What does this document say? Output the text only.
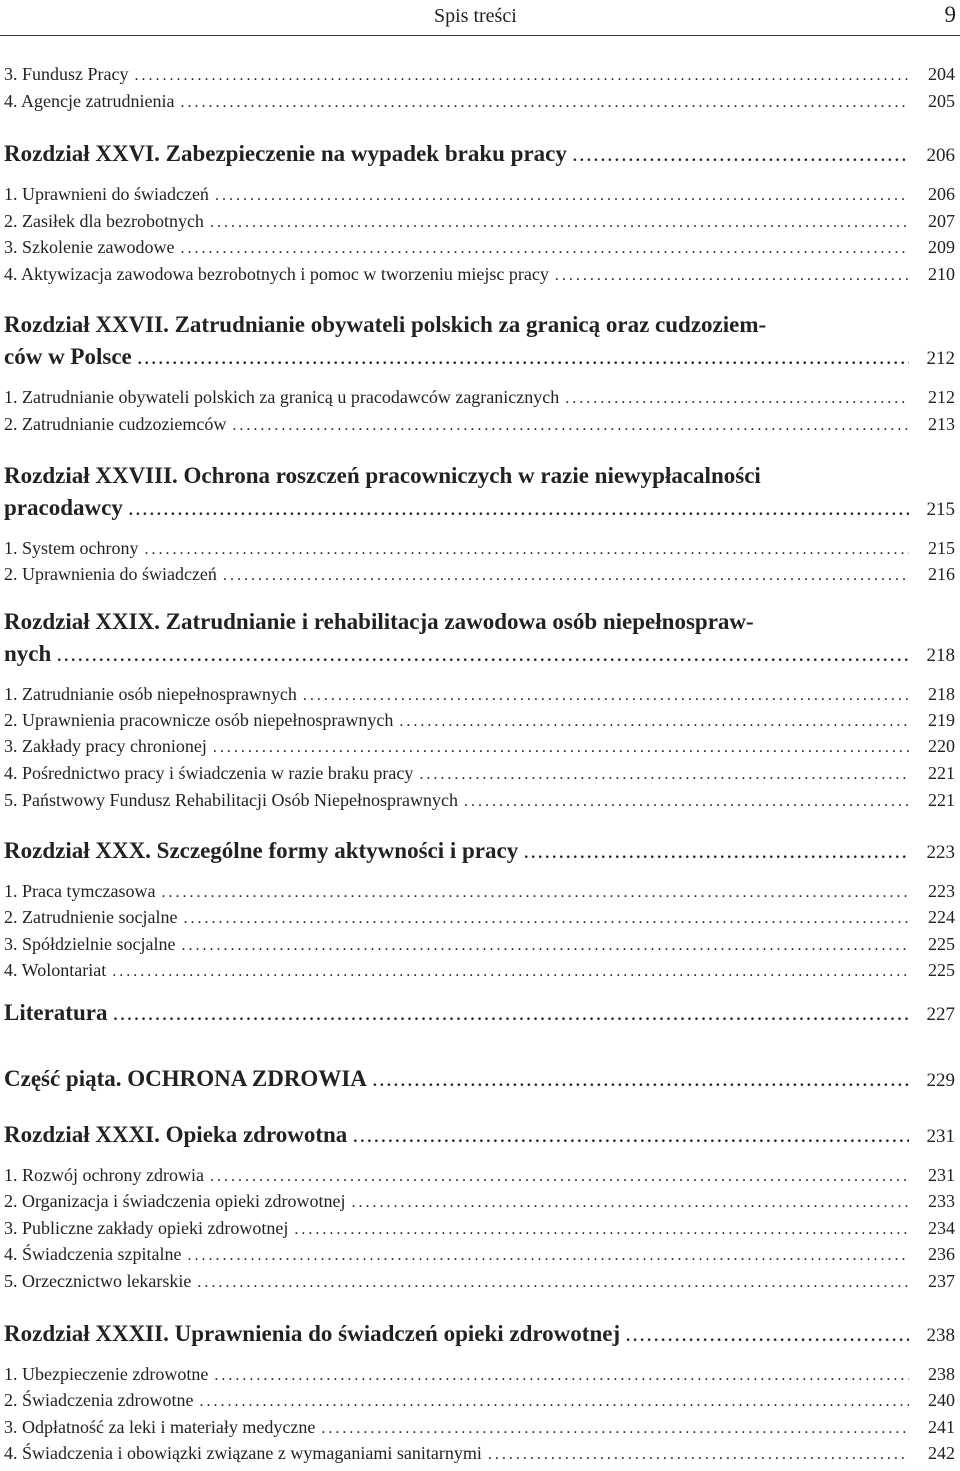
Spis treści	9
3. Fundusz Pracy . . .	204
4. Agencje zatrudnienia . . .	205
Rozdział XXVI. Zabezpieczenie na wypadek braku pracy . . .	206
1. Uprawnieni do świadczeń . . .	206
2. Zasiłek dla bezrobotnych . . .	207
3. Szkolenie zawodowe . . .	209
4. Aktywizacja zawodowa bezrobotnych i pomoc w tworzeniu miejsc pracy . . .	210
Rozdział XXVII. Zatrudnianie obywateli polskich za granicą oraz cudzoziem-
ców w Polsce . . .	212
1. Zatrudnianie obywateli polskich za granicą u pracodawców zagranicznych . . .	212
2. Zatrudnianie cudzoziemców . . .	213
Rozdział XXVIII. Ochrona roszczeń pracowniczych w razie niewypłacalności
pracodawcy . . .	215
1. System ochrony . . .	215
2. Uprawnienia do świadczeń . . .	216
Rozdział XXIX. Zatrudnianie i rehabilitacja zawodowa osób niepełnospraw-
nych . . .	218
1. Zatrudnianie osób niepełnosprawnych . . .	218
2. Uprawnienia pracownicze osób niepełnosprawnych . . .	219
3. Zakłady pracy chronionej . . .	220
4. Pośrednictwo pracy i świadczenia w razie braku pracy . . .	221
5. Państwowy Fundusz Rehabilitacji Osób Niepełnosprawnych . . .	221
Rozdział XXX. Szczególne formy aktywności i pracy . . .	223
1. Praca tymczasowa . . .	223
2. Zatrudnienie socjalne . . .	224
3. Spółdzielnie socjalne . . .	225
4. Wolontariat . . .	225
Literatura . . .	227
Część piąta. OCHRONA ZDROWIA . . .	229
Rozdział XXXI. Opieka zdrowotna . . .	231
1. Rozwój ochrony zdrowia . . .	231
2. Organizacja i świadczenia opieki zdrowotnej . . .	233
3. Publiczne zakłady opieki zdrowotnej . . .	234
4. Świadczenia szpitalne . . .	236
5. Orzecznictwo lekarskie . . .	237
Rozdział XXXII. Uprawnienia do świadczeń opieki zdrowotnej . . .	238
1. Ubezpieczenie zdrowotne . . .	238
2. Świadczenia zdrowotne . . .	240
3. Odpłatność za leki i materiały medyczne . . .	241
4. Świadczenia i obowiązki związane z wymaganiami sanitarnymi . . .	242
